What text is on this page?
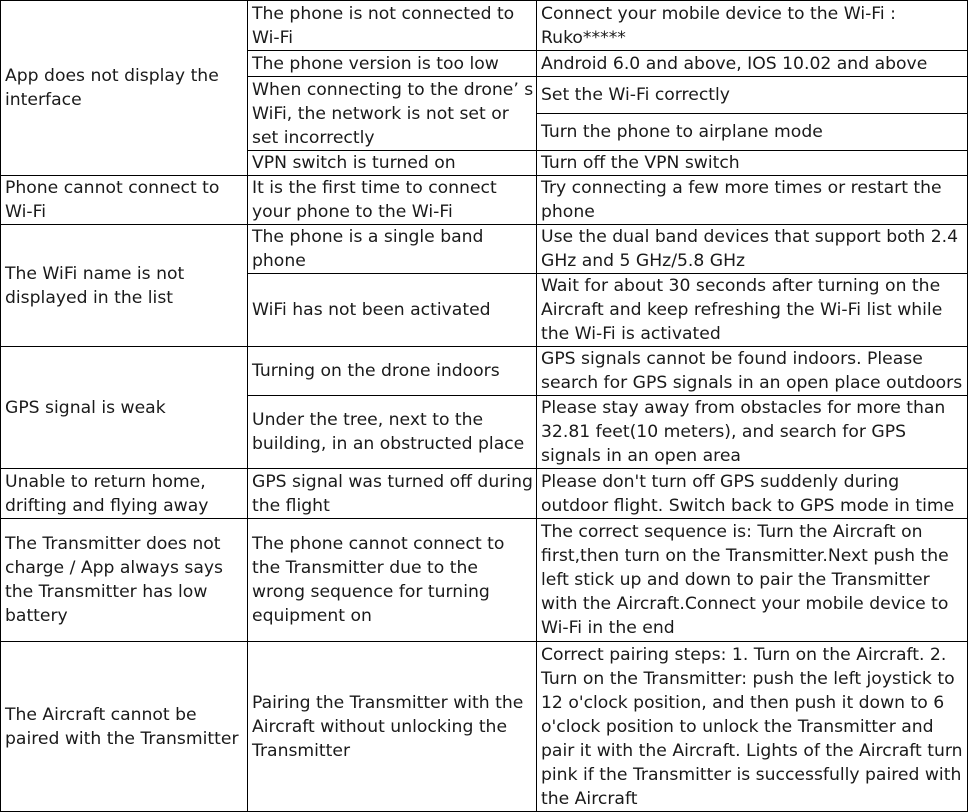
App does not display the interface	The phone is not connected to Wi-Fi	Connect your mobile device to the Wi-Fi : Ruko*****
	The phone version is too low	Android 6.0 and above, IOS 10.02 and above
	When connecting to the drone’ s WiFi, the network is not set or set incorrectly	Set the Wi-Fi correctly
		Turn the phone to airplane mode
	VPN switch is turned on	Turn off the VPN switch
Phone cannot connect to Wi-Fi	It is the first time to connect your phone to the Wi-Fi	Try connecting a few more times or restart the phone
The WiFi name is not displayed in the list	The phone is a single band phone	Use the dual band devices that support both 2.4 GHz and 5 GHz/5.8 GHz
	WiFi has not been activated	Wait for about 30 seconds after turning on the Aircraft and keep refreshing the Wi-Fi list while the Wi-Fi is activated
GPS signal is weak	Turning on the drone indoors	GPS signals cannot be found indoors. Please search for GPS signals in an open place outdoors
	Under the tree, next to the building, in an obstructed place	Please stay away from obstacles for more than 32.81 feet(10 meters), and search for GPS signals in an open area
Unable to return home, drifting and flying away	GPS signal was turned off during the flight	Please don't turn off GPS suddenly during outdoor flight. Switch back to GPS mode in time
The Transmitter does not charge / App always says the Transmitter has low battery	The phone cannot connect to the Transmitter due to the wrong sequence for turning equipment on	The correct sequence is: Turn the Aircraft on first,then turn on the Transmitter.Next push the left stick up and down to pair the Transmitter with the Aircraft.Connect your mobile device to Wi-Fi in the end
The Aircraft cannot be paired with the Transmitter	Pairing the Transmitter with the Aircraft without unlocking the Transmitter	Correct pairing steps: 1. Turn on the Aircraft. 2. Turn on the Transmitter: push the left joystick to 12 o'clock position, and then push it down to 6 o'clock position to unlock the Transmitter and pair it with the Aircraft. Lights of the Aircraft turn pink if the Transmitter is successfully paired with the Aircraft
